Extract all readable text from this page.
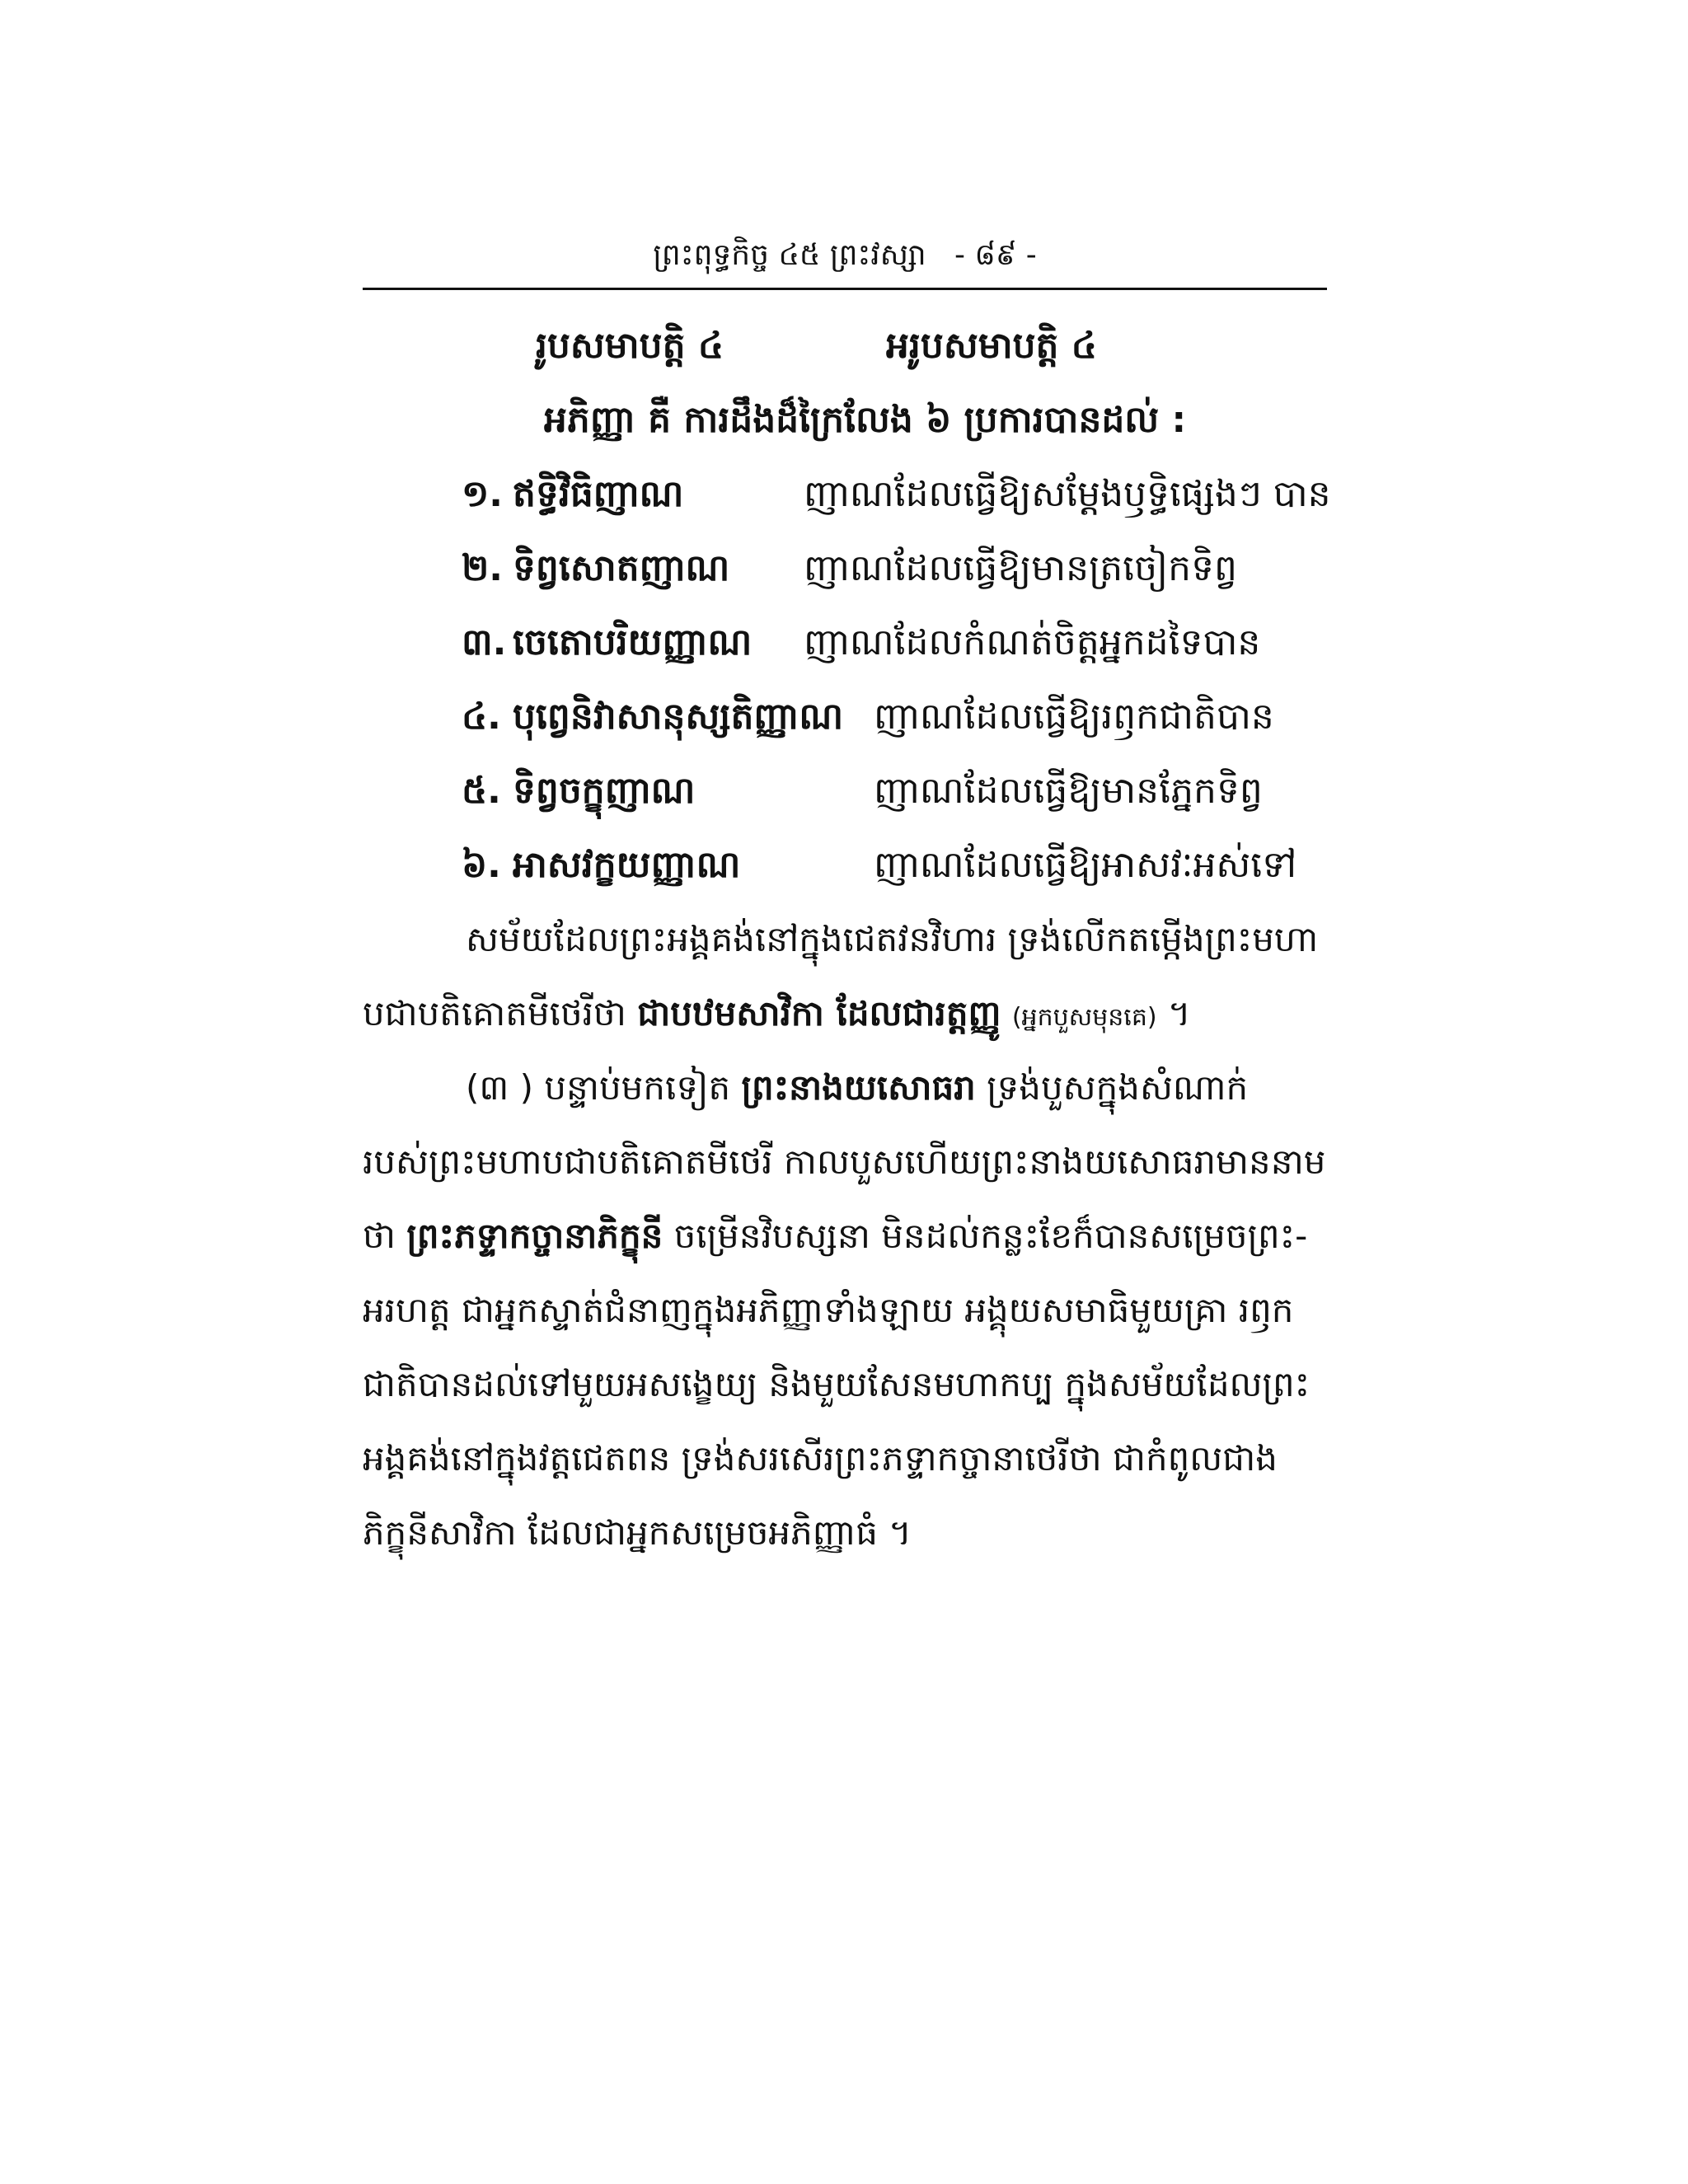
ព្រះពុទ្ធកិច្ច ៤៥ ព្រះវស្សា - ៨៩ -
រូបសមាបត្តិ ៤	អរូបសមាបត្តិ ៤
អភិញ្ញា គឺ ការដឹងដ៏ក្រៃលែង ៦ ប្រការបានដល់ :
១. ឥទ្ធិវិធិញាណ	ញាណដែលធ្វើឱ្យសម្ដែងឫទ្ធិផ្សេងៗ បាន
២. ទិព្វសោតញាណ ញាណដែលធ្វើឱ្យមានត្រចៀកទិព្វ
៣. ចេតោបរិយញ្ញាណ ញាណដែលកំណត់ចិត្តអ្នកដទៃបាន
៤. បុព្វេនិវាសានុស្សតិញ្ញាណ ញាណដែលធ្វើឱ្យរឭកជាតិបាន
៥. ទិព្វចក្ខុញាណ	ញាណដែលធ្វើឱ្យមានភ្នែកទិព្វ
៦. អាសវក្ខយញ្ញាណ	ញាណដែលធ្វើឱ្យអាសវៈអស់ទៅ
សម័យដែលព្រះអង្គគង់នៅក្នុងជេតវនវិហារ ទ្រង់លើកតម្កើងព្រះមហា
បជាបតិគោតមីថេរីថា ជាបឋមសាវិកា ដែលជារត្តញ្ញូ (អ្នកបួសមុនគេ) ។
(៣ ) បន្ទាប់មកទៀត ព្រះនាងយសោធរា ទ្រង់បួសក្នុងសំណាក់
របស់ព្រះមហាបជាបតិគោតមីថេរី កាលបួសហើយព្រះនាងយសោធរាមាននាម
ថា ព្រះភទ្ទាកច្ចានាភិក្ខុនី ចម្រើនវិបស្សនា មិនដល់កន្លះខែក៏បានសម្រេចព្រះ-
អរហត្ត ជាអ្នកស្ទាត់ជំនាញក្នុងអភិញ្ញាទាំងឡាយ អង្គុយសមាធិមួយគ្រា រឭក
ជាតិបានដល់ទៅមួយអសង្ខេយ្យ និងមួយសែនមហាកប្ប ក្នុងសម័យដែលព្រះ
អង្គគង់នៅក្នុងវត្តជេតពន ទ្រង់សរសើរព្រះភទ្ទាកច្ចានាថេរីថា ជាកំពូលជាង
ភិក្ខុនីសាវិកា ដែលជាអ្នកសម្រេចអភិញ្ញាធំ ។
